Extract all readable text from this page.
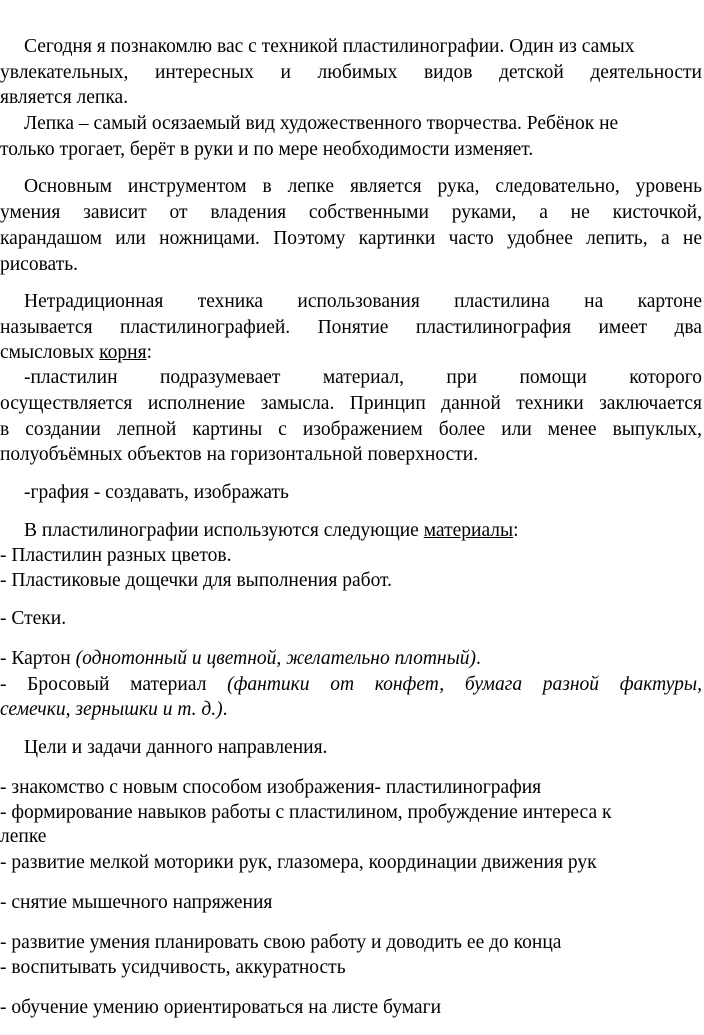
Сегодня я познакомлю вас с техникой пластилинографии. Один из самых
увлекательных, интересных и любимых видов детской деятельности
является лепка.
Лепка – самый осязаемый вид художественного творчества. Ребёнок не
только трогает, берёт в руки и по мере необходимости изменяет.
Основным инструментом в лепке является рука, следовательно, уровень
умения зависит от владения собственными руками, а не кисточкой,
карандашом или ножницами. Поэтому картинки часто удобнее лепить, а не
рисовать.
Нетрадиционная техника использования пластилина на картоне
называется пластилинографией. Понятие пластилинография имеет два
смысловых корня:
-пластилин подразумевает материал, при помощи которого
осуществляется исполнение замысла. Принцип данной техники заключается
в создании лепной картины с изображением более или менее выпуклых,
полуобъёмных объектов на горизонтальной поверхности.
-графия - создавать, изображать
В пластилинографии используются следующие материалы:
- Пластилин разных цветов.
- Пластиковые дощечки для выполнения работ.
- Стеки.
- Картон (однотонный и цветной, желательно плотный).
- Бросовый материал (фантики от конфет, бумага разной фактуры,
семечки, зернышки и т. д.).
Цели и задачи данного направления.
- знакомство с новым способом изображения- пластилинография
- формирование навыков работы с пластилином, пробуждение интереса к
лепке
- развитие мелкой моторики рук, глазомера, координации движения рук
- снятие мышечного напряжения
- развитие умения планировать свою работу и доводить ее до конца
- воспитывать усидчивость, аккуратность
- обучение умению ориентироваться на листе бумаги
